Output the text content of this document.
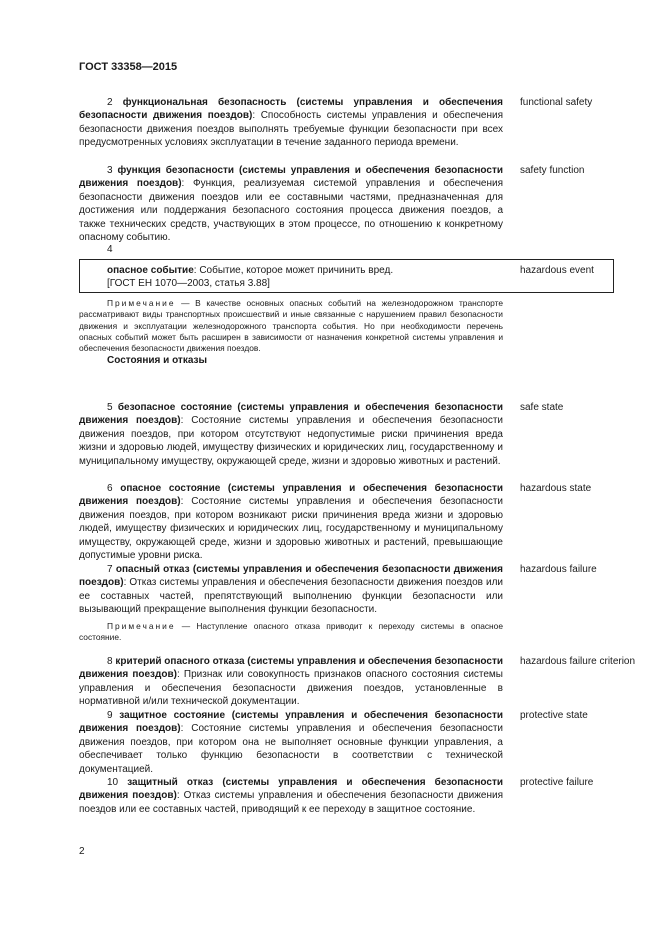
ГОСТ 33358—2015
2 функциональная безопасность (системы управления и обеспечения безопасности движения поездов): Способность системы управления и обеспечения безопасности движения поездов выполнять требуемые функции безопасности при всех предусмотренных условиях эксплуатации в течение заданного периода времени.
functional safety
3 функция безопасности (системы управления и обеспечения безопасности движения поездов): Функция, реализуемая системой управления и обеспечения безопасности движения поездов или ее составными частями, предназначенная для достижения или поддержания безопасного состояния процесса движения поездов, а также технических средств, участвующих в этом процессе, по отношению к конкретному опасному событию.
safety function
4
опасное событие: Событие, которое может причинить вред.
[ГОСТ ЕН 1070—2003, статья 3.88]
hazardous event
Примечание — В качестве основных опасных событий на железнодорожном транспорте рассматривают виды транспортных происшествий и иные связанные с нарушением правил безопасности движения и эксплуатации железнодорожного транспорта события. Но при необходимости перечень опасных событий может быть расширен в зависимости от назначения конкретной системы управления и обеспечения безопасности движения поездов.
Состояния и отказы
5 безопасное состояние (системы управления и обеспечения безопасности движения поездов): Состояние системы управления и обеспечения безопасности движения поездов, при котором отсутствуют недопустимые риски причинения вреда жизни и здоровью людей, имуществу физических и юридических лиц, государственному и муниципальному имуществу, окружающей среде, жизни и здоровью животных и растений.
safe state
6 опасное состояние (системы управления и обеспечения безопасности движения поездов): Состояние системы управления и обеспечения безопасности движения поездов, при котором возникают риски причинения вреда жизни и здоровью людей, имуществу физических и юридических лиц, государственному и муниципальному имуществу, окружающей среде, жизни и здоровью животных и растений, превышающие допустимые уровни риска.
hazardous state
7 опасный отказ (системы управления и обеспечения безопасности движения поездов): Отказ системы управления и обеспечения безопасности движения поездов или ее составных частей, препятствующий выполнению функции безопасности или вызывающий прекращение выполнения функции безопасности.
hazardous failure
Примечание — Наступление опасного отказа приводит к переходу системы в опасное состояние.
8 критерий опасного отказа (системы управления и обеспечения безопасности движения поездов): Признак или совокупность признаков опасного состояния системы управления и обеспечения безопасности движения поездов, установленные в нормативной и/или технической документации.
hazardous failure criterion
9 защитное состояние (системы управления и обеспечения безопасности движения поездов): Состояние системы управления и обеспечения безопасности движения поездов, при котором она не выполняет основные функции управления, а обеспечивает только функцию безопасности в соответствии с технической документацией.
protective state
10 защитный отказ (системы управления и обеспечения безопасности движения поездов): Отказ системы управления и обеспечения безопасности движения поездов или ее составных частей, приводящий к ее переходу в защитное состояние.
protective failure
2
